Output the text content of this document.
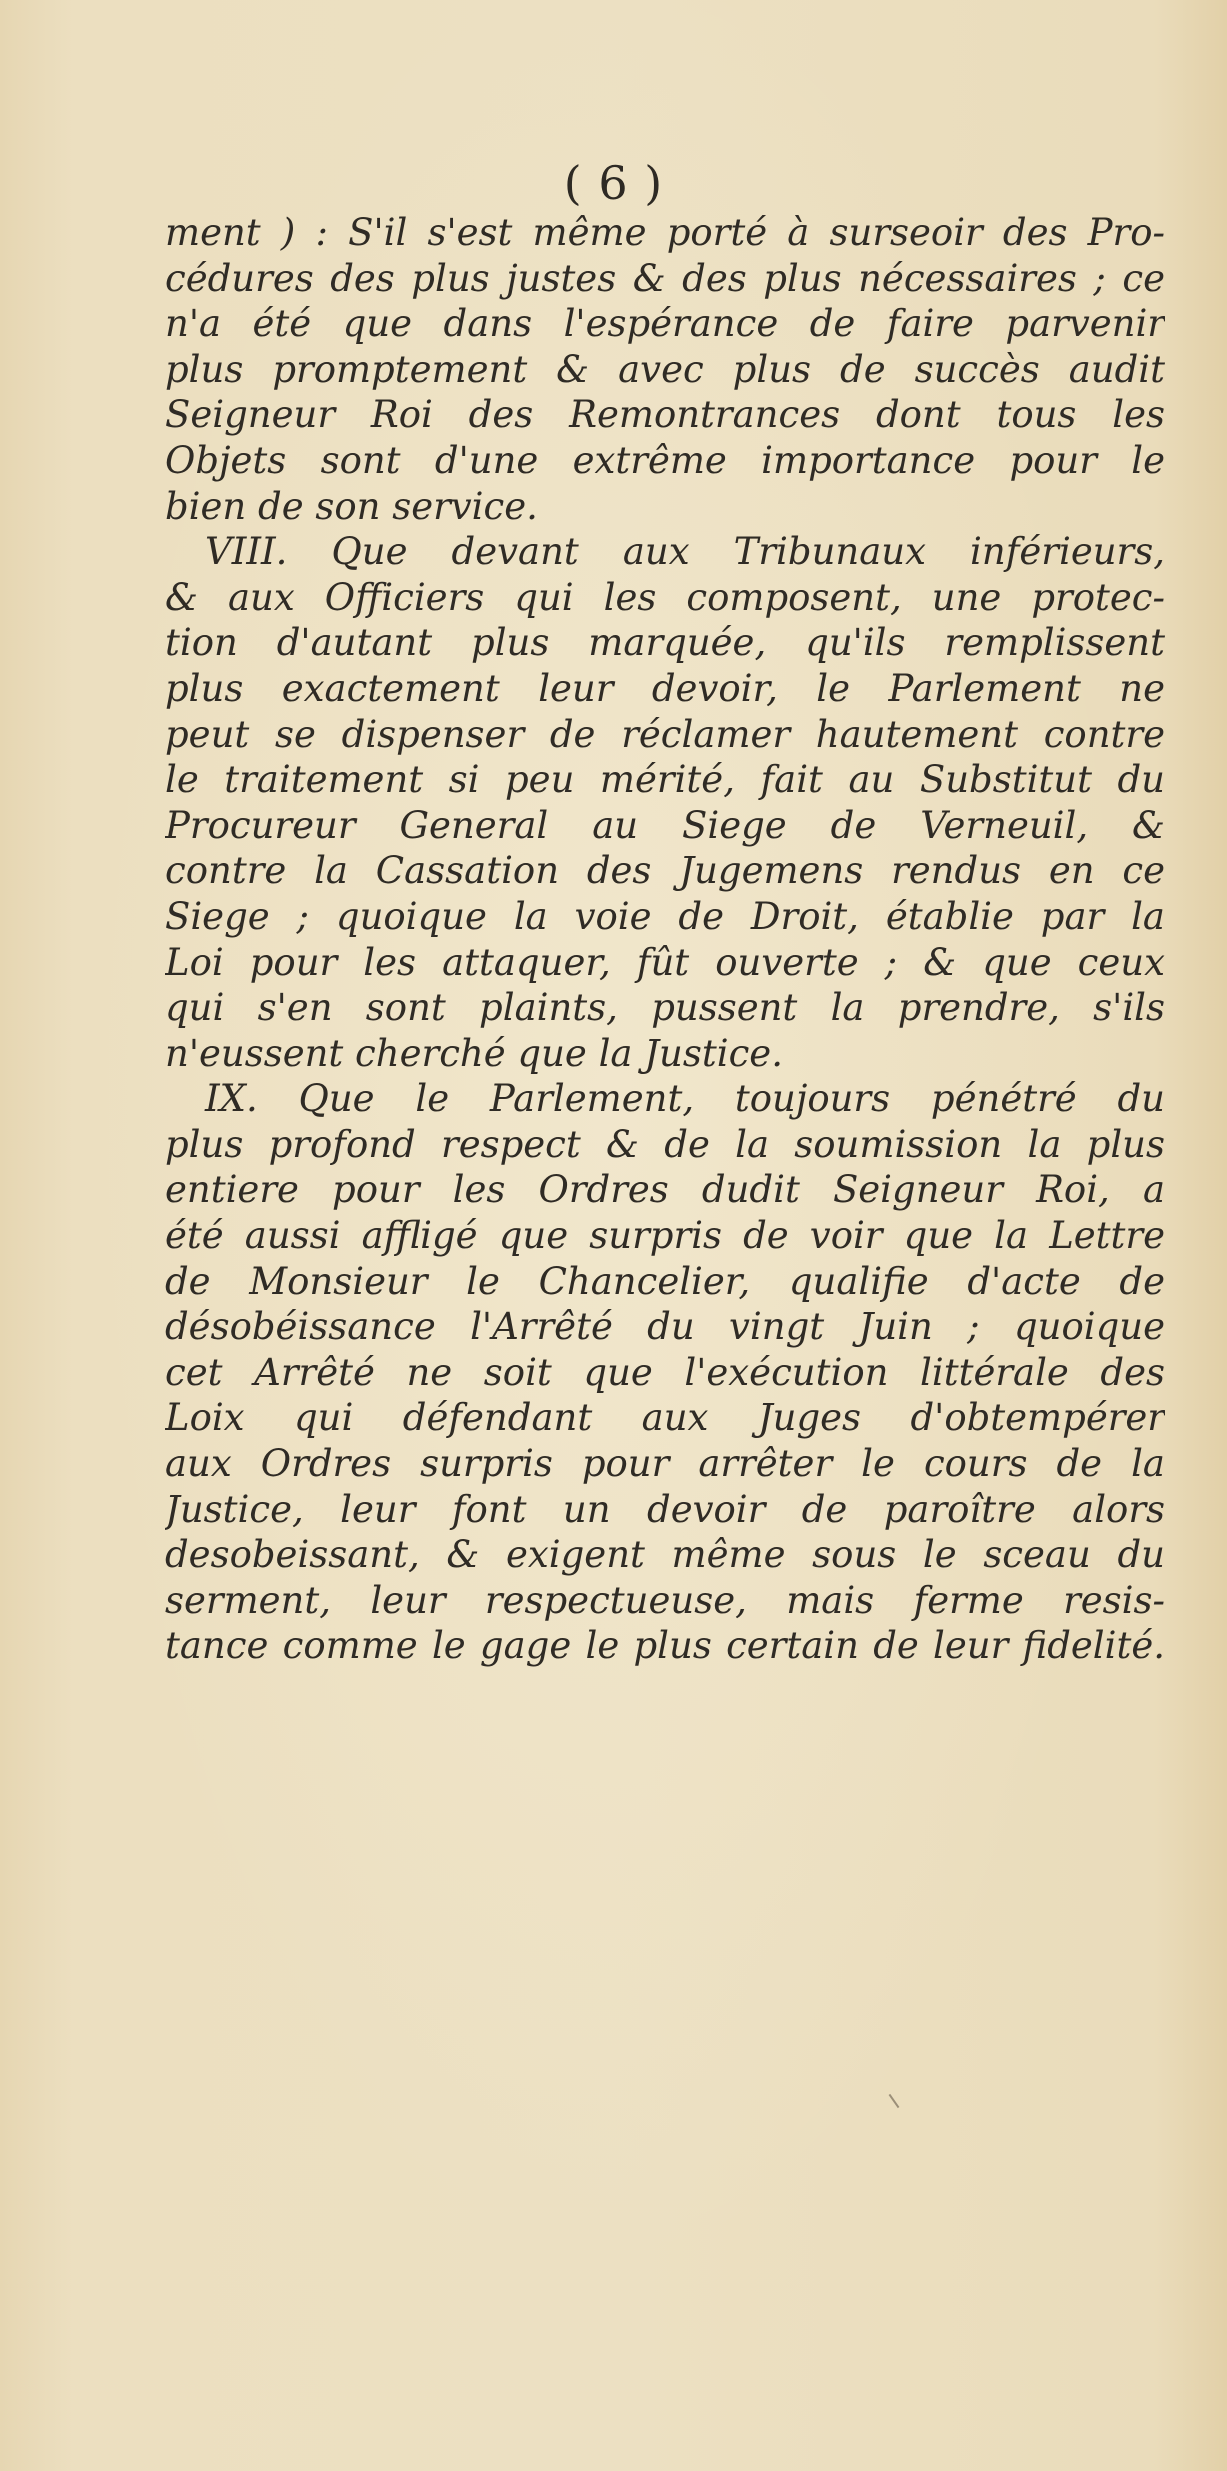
( 6 )
ment ) : S'il s'est même porté à surseoir des Pro-
cédures des plus justes & des plus nécessaires ; ce
n'a été que dans l'espérance de faire parvenir
plus promptement & avec plus de succès audit
Seigneur Roi des Remontrances dont tous les
Objets sont d'une extrême importance pour le
bien de son service.
VIII. Que devant aux Tribunaux inférieurs,
& aux Officiers qui les composent, une protec-
tion d'autant plus marquée, qu'ils remplissent
plus exactement leur devoir, le Parlement ne
peut se dispenser de réclamer hautement contre
le traitement si peu mérité, fait au Substitut du
Procureur General au Siege de Verneuil, &
contre la Cassation des Jugemens rendus en ce
Siege ; quoique la voie de Droit, établie par la
Loi pour les attaquer, fût ouverte ; & que ceux
qui s'en sont plaints, pussent la prendre, s'ils
n'eussent cherché que la Justice.
IX. Que le Parlement, toujours pénétré du
plus profond respect & de la soumission la plus
entiere pour les Ordres dudit Seigneur Roi, a
été aussi affligé que surpris de voir que la Lettre
de Monsieur le Chancelier, qualifie d'acte de
désobéissance l'Arrêté du vingt Juin ; quoique
cet Arrêté ne soit que l'exécution littérale des
Loix qui défendant aux Juges d'obtempérer
aux Ordres surpris pour arrêter le cours de la
Justice, leur font un devoir de paroître alors
desobeissant, & exigent même sous le sceau du
serment, leur respectueuse, mais ferme resis-
tance comme le gage le plus certain de leur fidelité.
